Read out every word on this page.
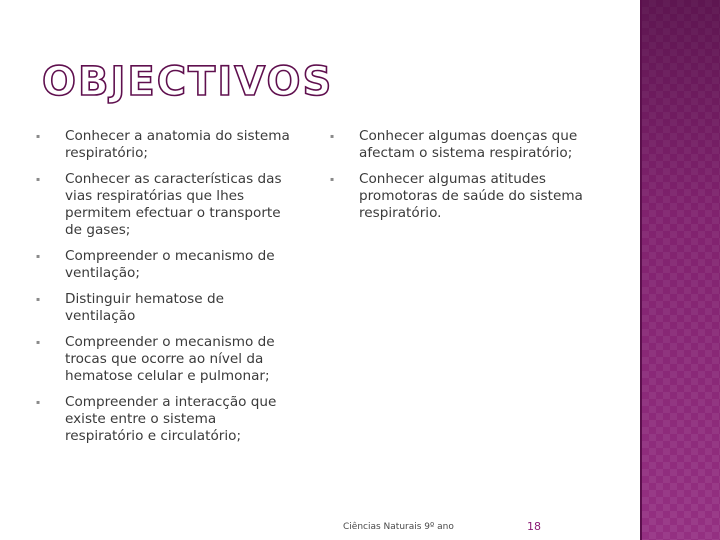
OBJECTIVOS
▪ Conhecer a anatomia do sistema respiratório;
▪ Conhecer as características das vias respiratórias que lhes permitem efectuar o transporte de gases;
▪ Compreender o mecanismo de ventilação;
▪ Distinguir hematose de ventilação
▪ Compreender o mecanismo de trocas que ocorre ao nível da hematose celular e pulmonar;
▪ Compreender a interacção que existe entre o sistema respiratório e circulatório;
▪ Conhecer algumas doenças que afectam o sistema respiratório;
▪ Conhecer algumas atitudes promotoras de saúde do sistema respiratório.
Ciências Naturais 9º ano	18
